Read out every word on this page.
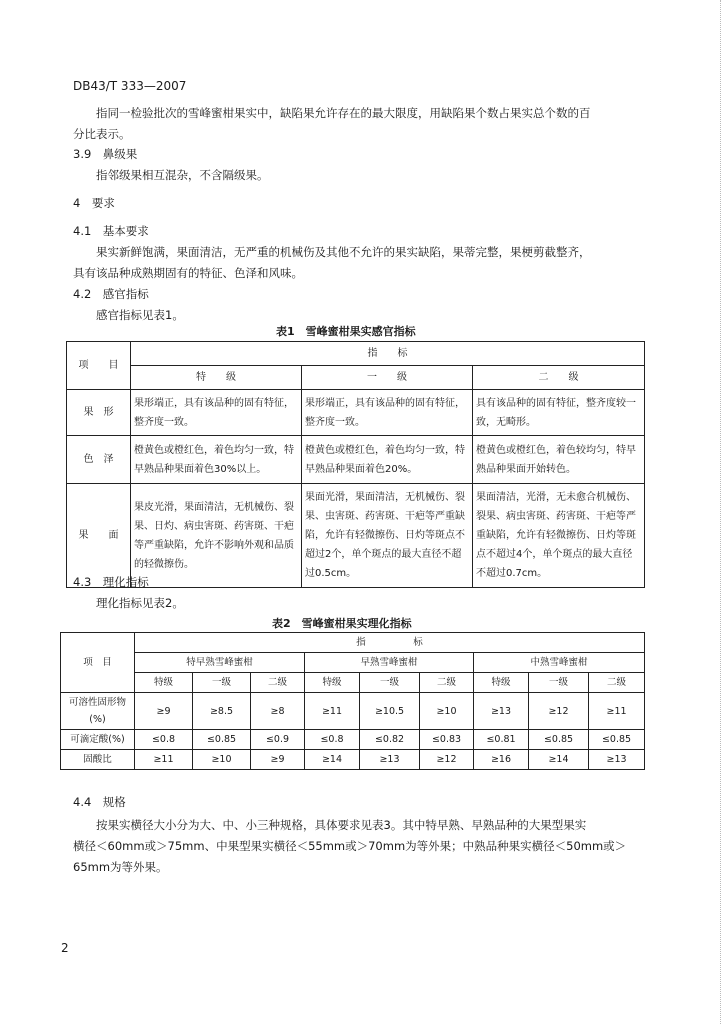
DB43/T 333—2007
指同一检验批次的雪峰蜜柑果实中，缺陷果允许存在的最大限度，用缺陷果个数占果实总个数的百
分比表示。
3.9　鼻级果
指邻级果相互混杂，不含隔级果。
4　要求
4.1　基本要求
果实新鲜饱满，果面清洁，无严重的机械伤及其他不允许的果实缺陷，果蒂完整，果梗剪截整齐，
具有该品种成熟期固有的特征、色泽和风味。
4.2　感官指标
感官指标见表1。
表1　雪峰蜜柑果实感官指标
项　　目	指　　标		
	特　　级	一　　级	二　　级
果　形	果形端正，具有该品种的固有特征，整齐度一致。	果形端正，具有该品种的固有特征，整齐度一致。	具有该品种的固有特征，整齐度较一致，无畸形。
色　泽	橙黄色或橙红色，着色均匀一致，特早熟品种果面着色30%以上。	橙黄色或橙红色，着色均匀一致，特早熟品种果面着色20%。	橙黄色或橙红色，着色较均匀，特早熟品种果面开始转色。
果　　面	果皮光滑，果面清洁，无机械伤、裂果、日灼、病虫害斑、药害斑、干疤等严重缺陷，允许不影响外观和品质的轻微擦伤。	果面光滑，果面清洁，无机械伤、裂果、虫害斑、药害斑、干疤等严重缺陷，允许有轻微擦伤、日灼等斑点不超过2个，单个斑点的最大直径不超过0.5cm。	果面清洁，光滑，无未愈合机械伤、裂果、病虫害斑、药害斑、干疤等严重缺陷，允许有轻微擦伤、日灼等斑点不超过4个，单个斑点的最大直径不超过0.7cm。
4.3　理化指标
理化指标见表2。
表2　雪峰蜜柑果实理化指标
项　目	指　　　　　标								
	特早熟雪峰蜜柑			早熟雪峰蜜柑			中熟雪峰蜜柑		
	特级	一级	二级	特级	一级	二级	特级	一级	二级
可溶性固形物(%)	≥9	≥8.5	≥8	≥11	≥10.5	≥10	≥13	≥12	≥11
可滴定酸(%)	≤0.8	≤0.85	≤0.9	≤0.8	≤0.82	≤0.83	≤0.81	≤0.85	≤0.85
固酸比	≥11	≥10	≥9	≥14	≥13	≥12	≥16	≥14	≥13
4.4　规格
按果实横径大小分为大、中、小三种规格，具体要求见表3。其中特早熟、早熟品种的大果型果实
横径＜60mm或＞75mm、中果型果实横径＜55mm或＞70mm为等外果；中熟品种果实横径＜50mm或＞
65mm为等外果。
2
